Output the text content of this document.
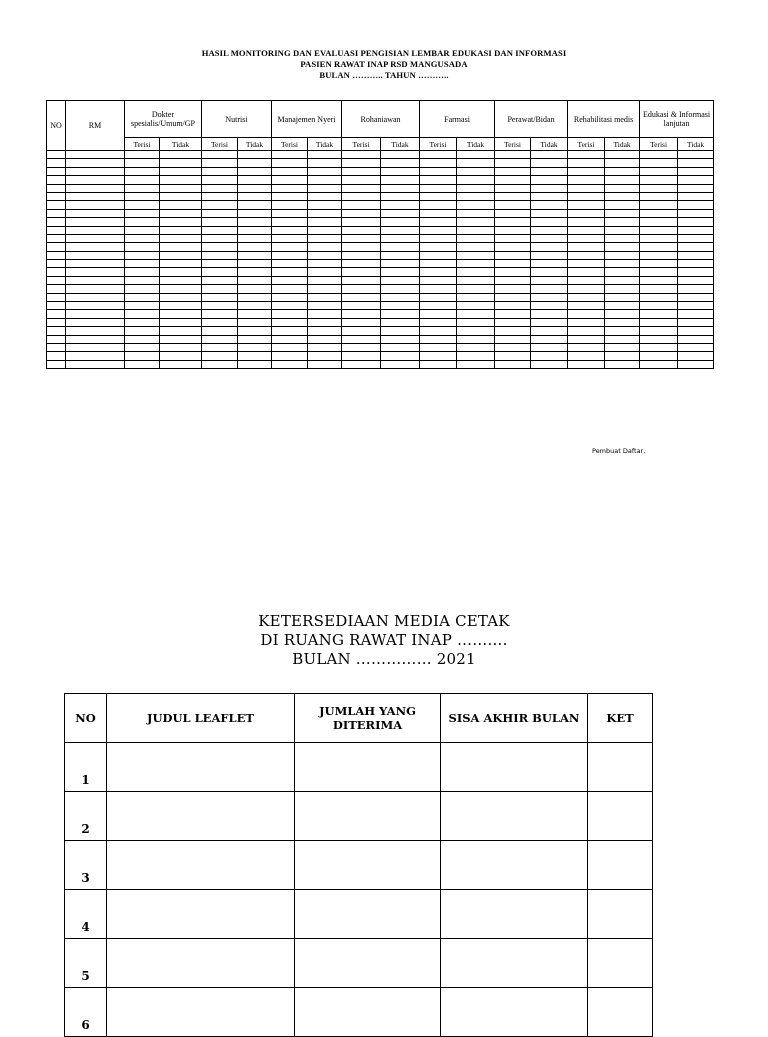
HASIL MONITORING DAN EVALUASI PENGISIAN LEMBAR EDUKASI DAN INFORMASI
PASIEN RAWAT INAP RSD MANGUSADA
BULAN ……….. TAHUN ………..
NO	RM	Dokter spesialis/Umum/GP		Nutrisi		Manajemen Nyeri		Rohaniawan		Farmasi		Perawat/Bidan		Rehabilitasi medis		Edukasi & Informasi lanjutan	
		Terisi	Tidak	Terisi	Tidak	Terisi	Tidak	Terisi	Tidak	Terisi	Tidak	Terisi	Tidak	Terisi	Tidak	Terisi	Tidak

Pembuat Daftar,
KETERSEDIAAN MEDIA CETAK
DI RUANG RAWAT INAP ……….
BULAN …………… 2021
NO	JUDUL LEAFLET	JUMLAH YANG DITERIMA	SISA AKHIR BULAN	KET

1				

2				

3				

4				

5				

6				
